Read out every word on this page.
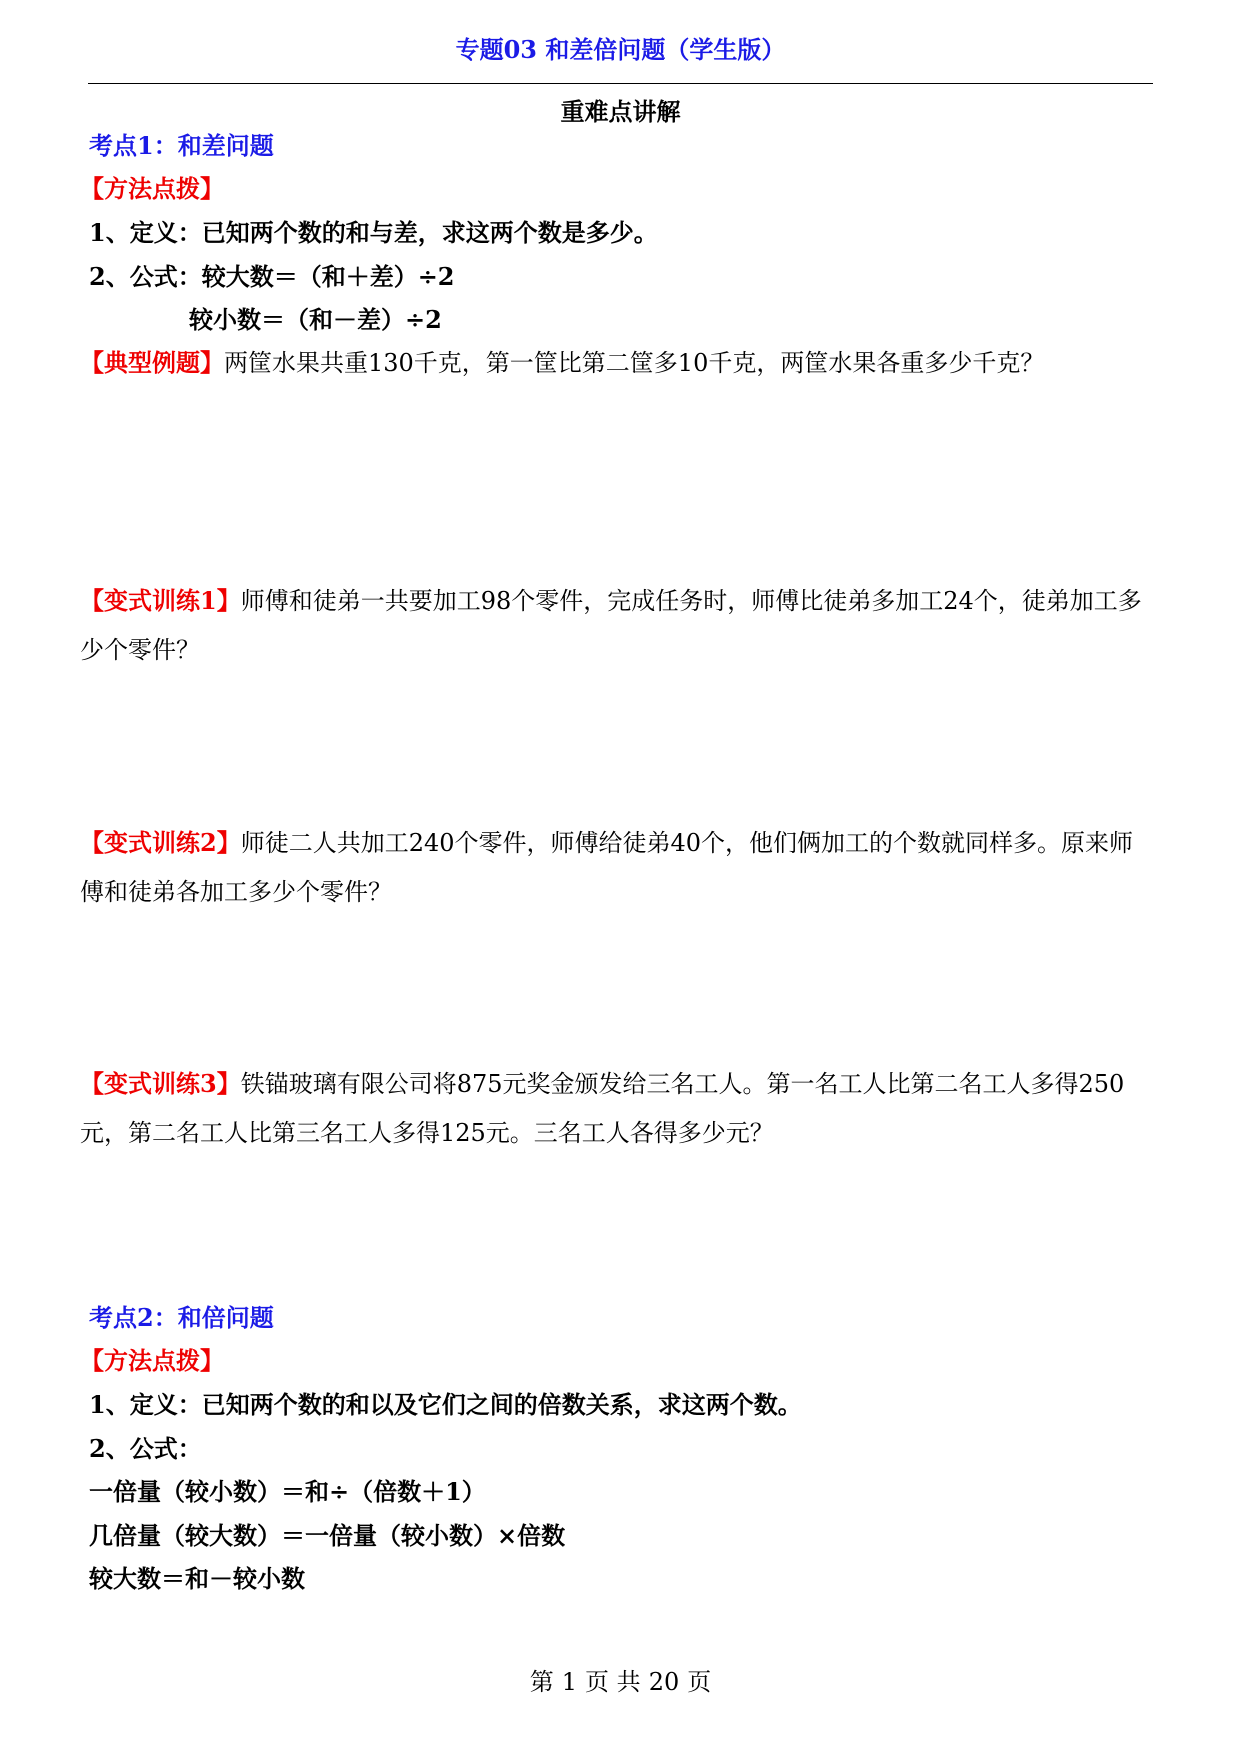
专题03 和差倍问题（学生版）
重难点讲解
考点1：和差问题
【方法点拨】
1、定义：已知两个数的和与差，求这两个数是多少。
2、公式：较大数＝（和＋差）÷2
较小数＝（和－差）÷2
【典型例题】两筐水果共重130千克，第一筐比第二筐多10千克，两筐水果各重多少千克？
【变式训练1】师傅和徒弟一共要加工98个零件，完成任务时，师傅比徒弟多加工24个，徒弟加工多少个零件？
【变式训练2】师徒二人共加工240个零件，师傅给徒弟40个，他们俩加工的个数就同样多。原来师傅和徒弟各加工多少个零件？
【变式训练3】铁锚玻璃有限公司将875元奖金颁发给三名工人。第一名工人比第二名工人多得250元，第二名工人比第三名工人多得125元。三名工人各得多少元？
考点2：和倍问题
【方法点拨】
1、定义：已知两个数的和以及它们之间的倍数关系，求这两个数。
2、公式：
一倍量（较小数）＝和÷（倍数＋1）
几倍量（较大数）＝一倍量（较小数）×倍数
较大数＝和－较小数
第 1 页 共 20 页
